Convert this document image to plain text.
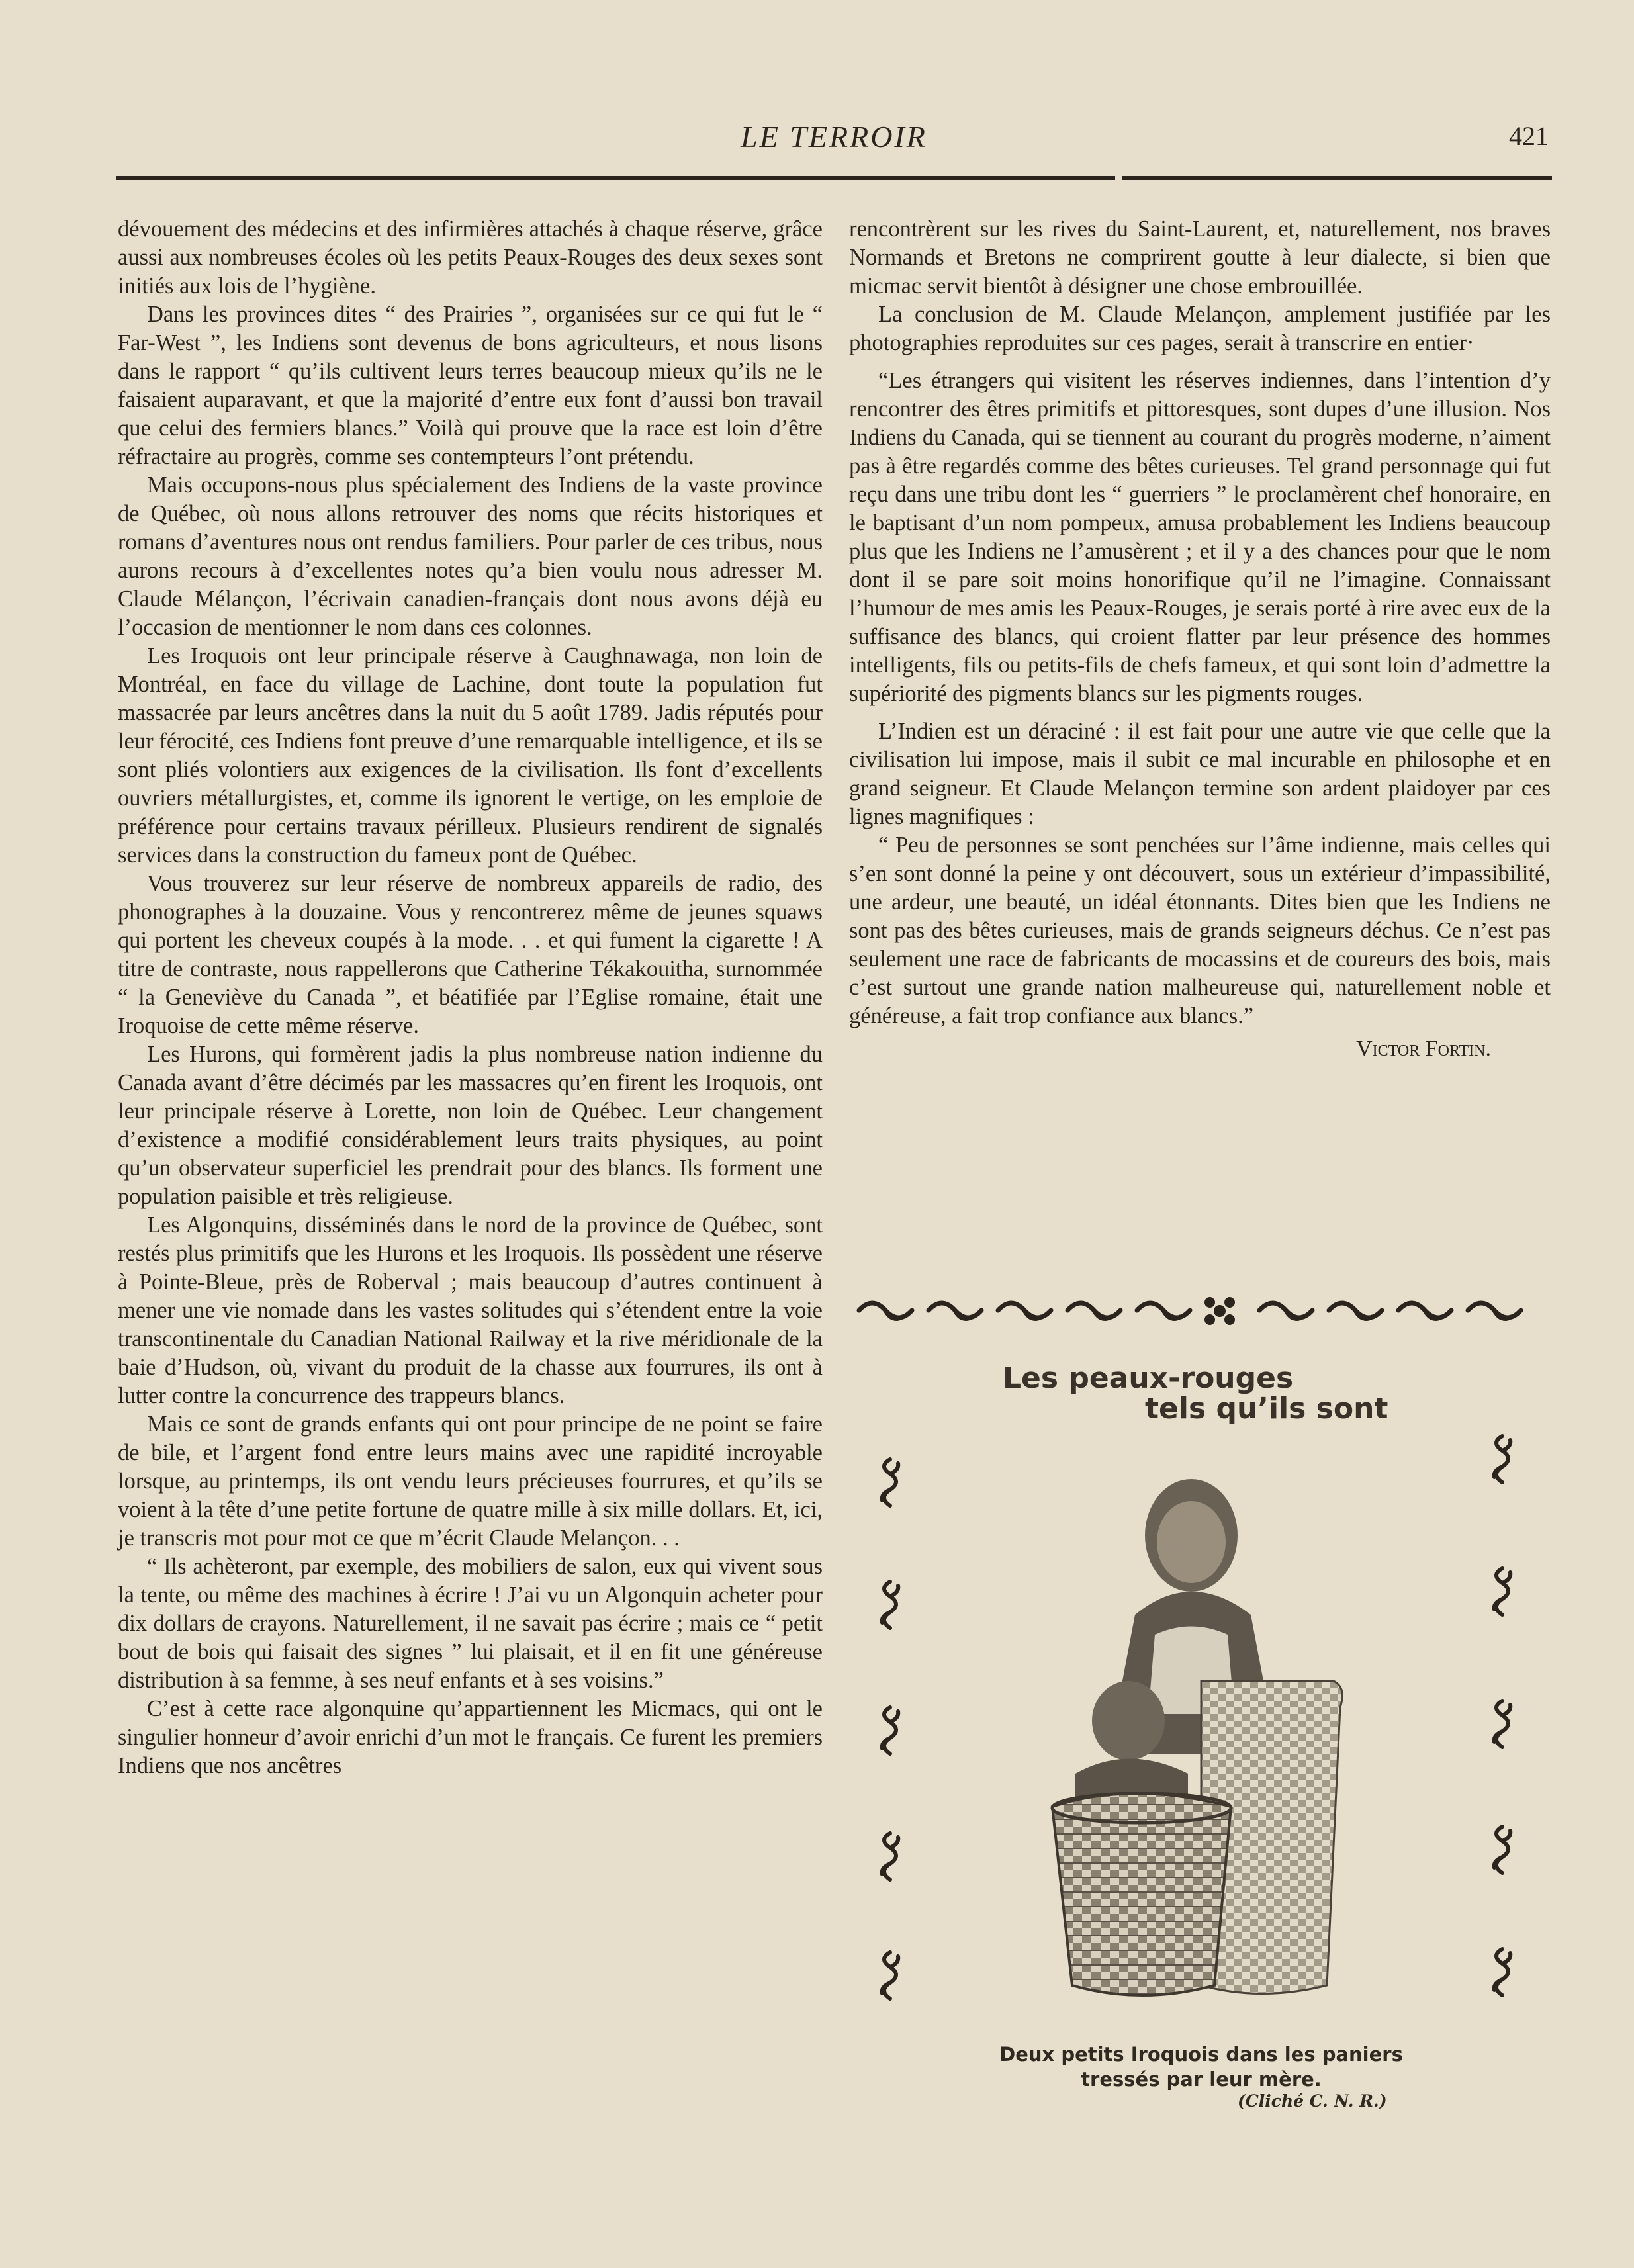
LE TERROIR	421

dévouement des médecins et des infirmières attachés à chaque réserve, grâce aussi aux nombreuses écoles où les petits Peaux-Rouges des deux sexes sont initiés aux lois de l’hygiène.

Dans les provinces dites “ des Prairies ”, organisées sur ce qui fut le “ Far-West ”, les Indiens sont devenus de bons agriculteurs, et nous lisons dans le rapport “ qu’ils cultivent leurs terres beaucoup mieux qu’ils ne le faisaient auparavant, et que la majorité d’entre eux font d’aussi bon travail que celui des fermiers blancs.” Voilà qui prouve que la race est loin d’être réfractaire au progrès, comme ses contempteurs l’ont prétendu.

Mais occupons-nous plus spécialement des Indiens de la vaste province de Québec, où nous allons retrouver des noms que récits historiques et romans d’aventures nous ont rendus familiers. Pour parler de ces tribus, nous aurons recours à d’excellentes notes qu’a bien voulu nous adresser M. Claude Mélançon, l’écrivain canadien-français dont nous avons déjà eu l’occasion de mentionner le nom dans ces colonnes.

Les Iroquois ont leur principale réserve à Caughnawaga, non loin de Montréal, en face du village de Lachine, dont toute la population fut massacrée par leurs ancêtres dans la nuit du 5 août 1789. Jadis réputés pour leur férocité, ces Indiens font preuve d’une remarquable intelligence, et ils se sont pliés volontiers aux exigences de la civilisation. Ils font d’excellents ouvriers métallurgistes, et, comme ils ignorent le vertige, on les emploie de préférence pour certains travaux périlleux. Plusieurs rendirent de signalés services dans la construction du fameux pont de Québec.

Vous trouverez sur leur réserve de nombreux appareils de radio, des phonographes à la douzaine. Vous y rencontrerez même de jeunes squaws qui portent les cheveux coupés à la mode. . . et qui fument la cigarette ! A titre de contraste, nous rappellerons que Catherine Tékakouitha, surnommée “ la Geneviève du Canada ”, et béatifiée par l’Eglise romaine, était une Iroquoise de cette même réserve.

Les Hurons, qui formèrent jadis la plus nombreuse nation indienne du Canada avant d’être décimés par les massacres qu’en firent les Iroquois, ont leur principale réserve à Lorette, non loin de Québec. Leur changement d’existence a modifié considérablement leurs traits physiques, au point qu’un observateur superficiel les prendrait pour des blancs. Ils forment une population paisible et très religieuse.

Les Algonquins, disséminés dans le nord de la province de Québec, sont restés plus primitifs que les Hurons et les Iroquois. Ils possèdent une réserve à Pointe-Bleue, près de Roberval ; mais beaucoup d’autres continuent à mener une vie nomade dans les vastes solitudes qui s’étendent entre la voie transcontinentale du Canadian National Railway et la rive méridionale de la baie d’Hudson, où, vivant du produit de la chasse aux fourrures, ils ont à lutter contre la concurrence des trappeurs blancs.

Mais ce sont de grands enfants qui ont pour principe de ne point se faire de bile, et l’argent fond entre leurs mains avec une rapidité incroyable lorsque, au printemps, ils ont vendu leurs précieuses fourrures, et qu’ils se voient à la tête d’une petite fortune de quatre mille à six mille dollars. Et, ici, je transcris mot pour mot ce que m’écrit Claude Melançon. . .

“ Ils achèteront, par exemple, des mobiliers de salon, eux qui vivent sous la tente, ou même des machines à écrire ! J’ai vu un Algonquin acheter pour dix dollars de crayons. Naturellement, il ne savait pas écrire ; mais ce “ petit bout de bois qui faisait des signes ” lui plaisait, et il en fit une généreuse distribution à sa femme, à ses neuf enfants et à ses voisins.”

C’est à cette race algonquine qu’appartiennent les Micmacs, qui ont le singulier honneur d’avoir enrichi d’un mot le français. Ce furent les premiers Indiens que nos ancêtres

rencontrèrent sur les rives du Saint-Laurent, et, naturellement, nos braves Normands et Bretons ne comprirent goutte à leur dialecte, si bien que micmac servit bientôt à désigner une chose embrouillée.

La conclusion de M. Claude Melançon, amplement justifiée par les photographies reproduites sur ces pages, serait à transcrire en entier·

“Les étrangers qui visitent les réserves indiennes, dans l’intention d’y rencontrer des êtres primitifs et pittoresques, sont dupes d’une illusion. Nos Indiens du Canada, qui se tiennent au courant du progrès moderne, n’aiment pas à être regardés comme des bêtes curieuses. Tel grand personnage qui fut reçu dans une tribu dont les “ guerriers ” le proclamèrent chef honoraire, en le baptisant d’un nom pompeux, amusa probablement les Indiens beaucoup plus que les Indiens ne l’amusèrent ; et il y a des chances pour que le nom dont il se pare soit moins honorifique qu’il ne l’imagine. Connaissant l’humour de mes amis les Peaux-Rouges, je serais porté à rire avec eux de la suffisance des blancs, qui croient flatter par leur présence des hommes intelligents, fils ou petits-fils de chefs fameux, et qui sont loin d’admettre la supériorité des pigments blancs sur les pigments rouges.

L’Indien est un déraciné : il est fait pour une autre vie que celle que la civilisation lui impose, mais il subit ce mal incurable en philosophe et en grand seigneur. Et Claude Melançon termine son ardent plaidoyer par ces lignes magnifiques :

“ Peu de personnes se sont penchées sur l’âme indienne, mais celles qui s’en sont donné la peine y ont découvert, sous un extérieur d’impassibilité, une ardeur, une beauté, un idéal étonnants. Dites bien que les Indiens ne sont pas des bêtes curieuses, mais de grands seigneurs déchus. Ce n’est pas seulement une race de fabricants de mocassins et de coureurs des bois, mais c’est surtout une grande nation malheureuse qui, naturellement noble et généreuse, a fait trop confiance aux blancs.”

Victor Fortin.
Les peaux-rouges
tels qu’ils sont
Deux petits Iroquois dans les paniers
tressés par leur mère.
(Cliché C. N. R.)
